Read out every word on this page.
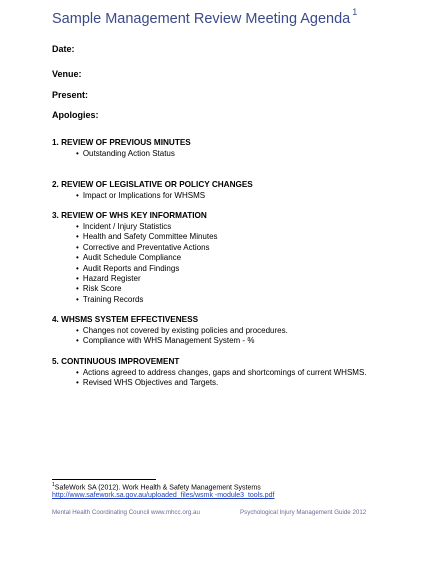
Sample Management Review Meeting Agenda $^1$
Date:
Venue:
Present:
Apologies:
1. REVIEW OF PREVIOUS MINUTES
• Outstanding Action Status
2. REVIEW OF LEGISLATIVE OR POLICY CHANGES
• Impact or Implications for WHSMS
3. REVIEW OF WHS KEY INFORMATION
• Incident / Injury Statistics
• Health and Safety Committee Minutes
• Corrective and Preventative Actions
• Audit Schedule Compliance
• Audit Reports and Findings
• Hazard Register
• Risk Score
• Training Records
4. WHSMS SYSTEM EFFECTIVENESS
• Changes not covered by existing policies and procedures.
• Compliance with WHS Management System - %
5. CONTINUOUS IMPROVEMENT
• Actions agreed to address changes, gaps and shortcomings of current WHSMS.
• Revised WHS Objectives and Targets.
$^1$SafeWork SA (2012). Work Health & Safety Management Systems
http://www.safework.sa.gov.au/uploaded_files/wsmk -module3_tools.pdf
Mental Health Coordinating Council www.mhcc.org.au	Psychological Injury Management Guide 2012
